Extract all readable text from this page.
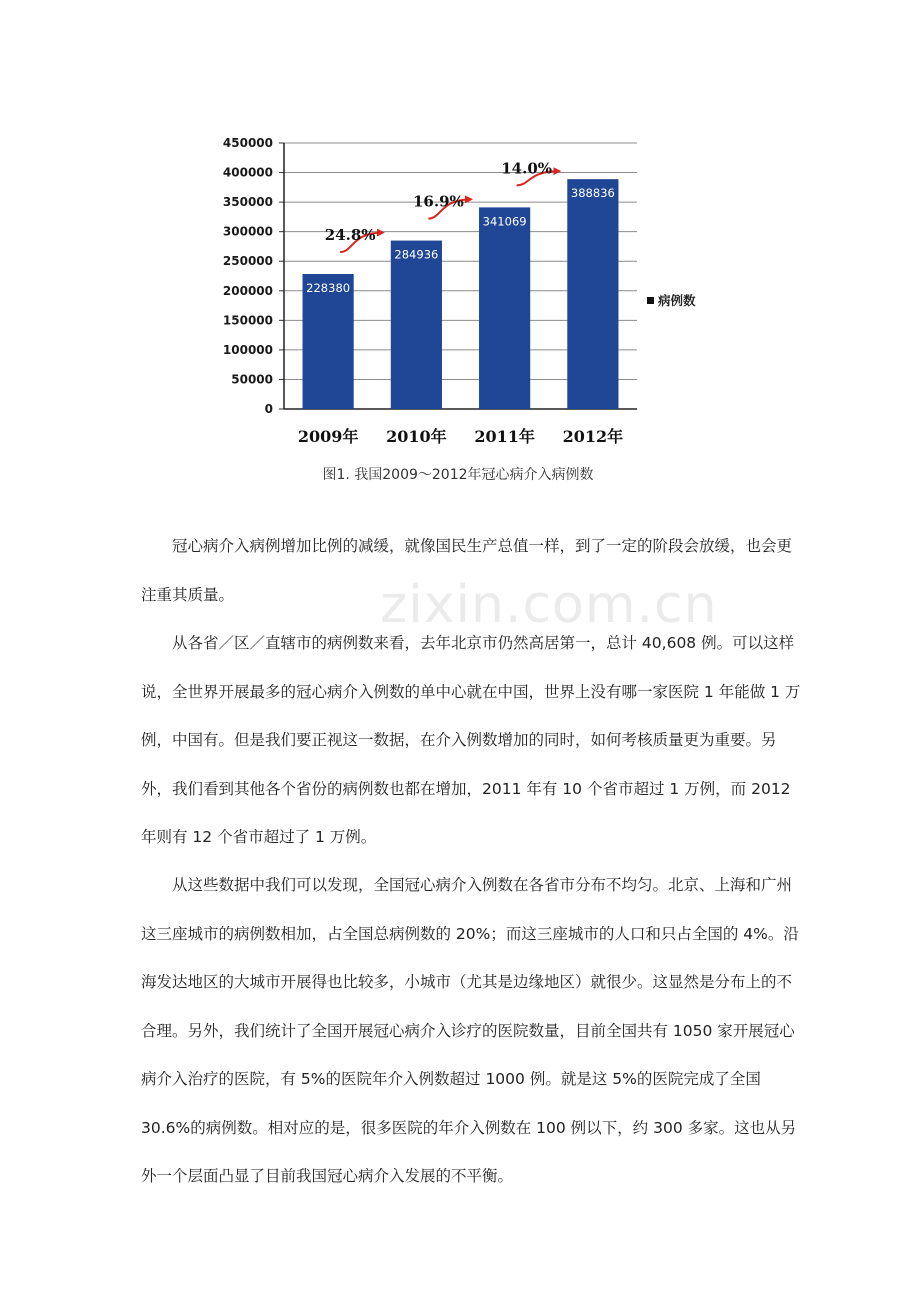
zixin.com.cn
450000
400000
350000
300000
250000
200000
150000
100000
50000
0
228380
284936
341069
388836
24.8%
16.9%
14.0%
2009年 2010年 2011年 2012年
病例数
图1. 我国2009～2012年冠心病介入病例数

冠心病介入病例增加比例的减缓，就像国民生产总值一样，到了一定的阶段会放缓，也会更注重其质量。

从各省／区／直辖市的病例数来看，去年北京市仍然高居第一，总计 40,608 例。可以这样说，全世界开展最多的冠心病介入例数的单中心就在中国，世界上没有哪一家医院 1 年能做 1 万例，中国有。但是我们要正视这一数据，在介入例数增加的同时，如何考核质量更为重要。另外，我们看到其他各个省份的病例数也都在增加，2011 年有 10 个省市超过 1 万例，而 2012 年则有 12 个省市超过了 1 万例。

从这些数据中我们可以发现，全国冠心病介入例数在各省市分布不均匀。北京、上海和广州这三座城市的病例数相加，占全国总病例数的 20%；而这三座城市的人口和只占全国的 4%。沿海发达地区的大城市开展得也比较多，小城市（尤其是边缘地区）就很少。这显然是分布上的不合理。另外，我们统计了全国开展冠心病介入诊疗的医院数量，目前全国共有 1050 家开展冠心病介入治疗的医院，有 5%的医院年介入例数超过 1000 例。就是这 5%的医院完成了全国 30.6%的病例数。相对应的是，很多医院的年介入例数在 100 例以下，约 300 多家。这也从另外一个层面凸显了目前我国冠心病介入发展的不平衡。
